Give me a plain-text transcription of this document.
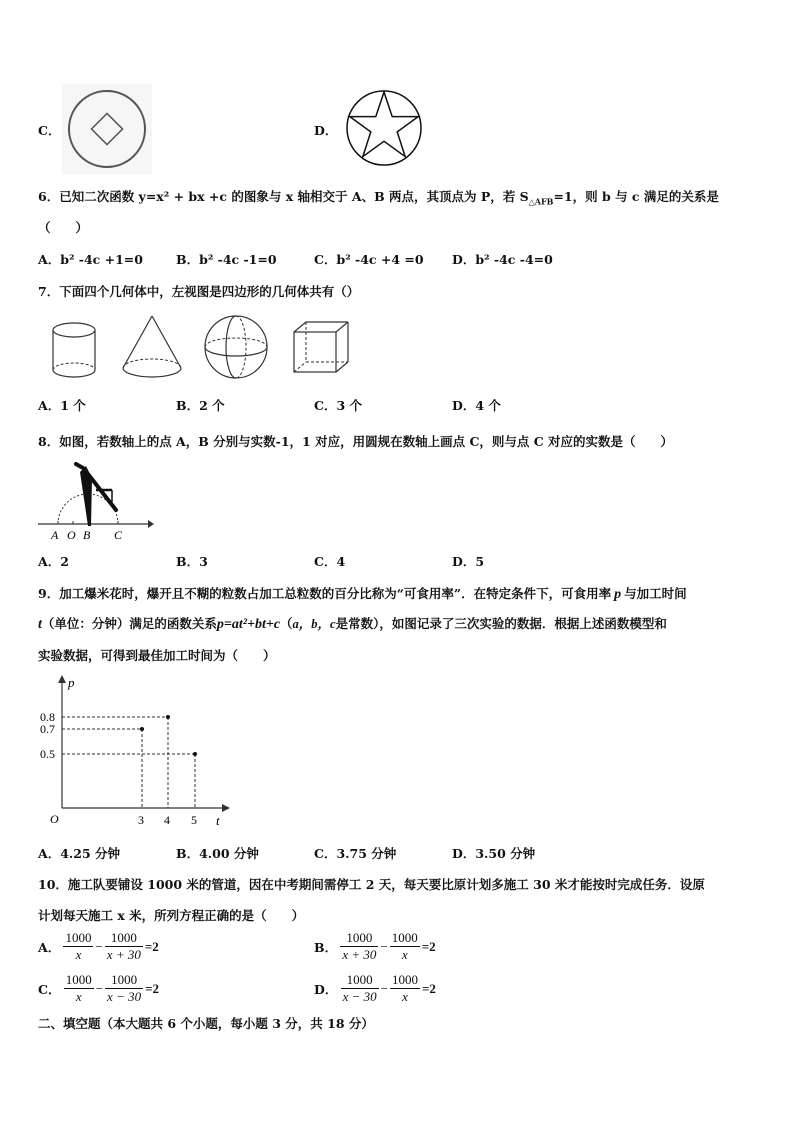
C．	D．
6．已知二次函数 y=x² + bx +c 的图象与 x 轴相交于 A、B 两点，其顶点为 P，若 $S_{\triangle AFB}=1$，则 b 与 c 满足的关系是
（　　）
A．b² -4c +1=0	B．b² -4c -1=0	C．b² -4c +4 =0 D．b² -4c -4=0
7．下面四个几何体中，左视图是四边形的几何体共有（）
A．1 个	B．2 个	C．3 个	D．4 个
8．如图，若数轴上的点 A，B 分别与实数-1，1 对应，用圆规在数轴上画点 C，则与点 C 对应的实数是（　　）
A O B C
A．2	B．3	C．4	D．5
9．加工爆米花时，爆开且不糊的粒数占加工总粒数的百分比称为“可食用率”．在特定条件下，可食用率 p 与加工时间
t（单位：分钟）满足的函数关系p=at²+bt+c（a，b，c是常数），如图记录了三次实验的数据．根据上述函数模型和
实验数据，可得到最佳加工时间为（　　）
p
t
O
0.8
0.7
0.5
3 4 5
A．4.25 分钟	B．4.00 分钟	C．3.75 分钟	D．3.50 分钟
10．施工队要铺设 1000 米的管道，因在中考期间需停工 2 天，每天要比原计划多施工 30 米才能按时完成任务．设原
计划每天施工 x 米，所列方程正确的是（　　）
A． $\frac{1000}{x} - \frac{1000}{x + 30} =2$	B． $\frac{1000}{x + 30} - \frac{1000}{x} =2$
C． $\frac{1000}{x} - \frac{1000}{x - 30} =2$	D． $\frac{1000}{x - 30} - \frac{1000}{x} =2$
二、填空题（本大题共 6 个小题，每小题 3 分，共 18 分）
